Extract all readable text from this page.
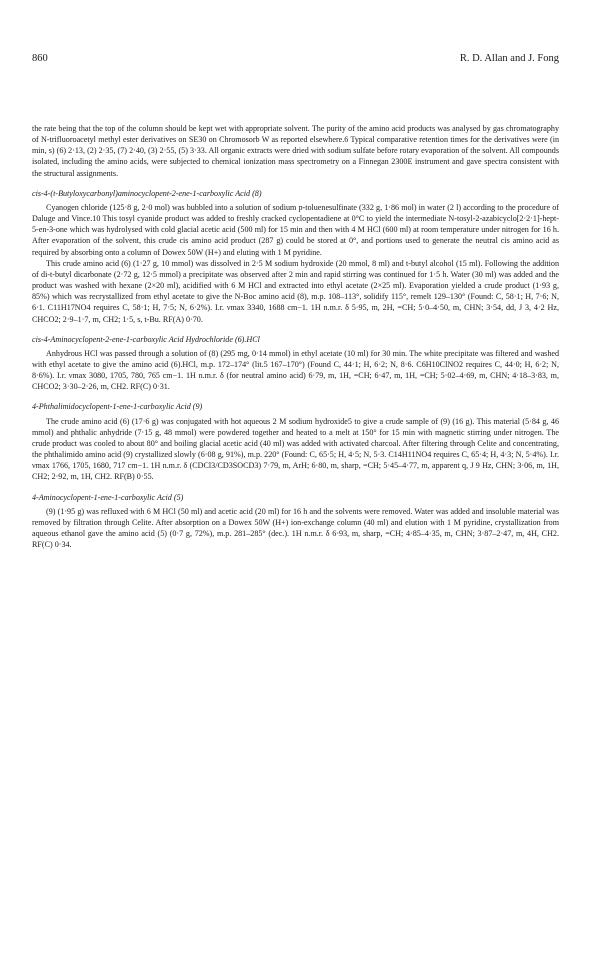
860	R. D. Allan and J. Fong

the rate being that the top of the column should be kept wet with appropriate solvent. The purity of the amino acid products was analysed by gas chromatography of N-trifluoroacetyl methyl ester derivatives on SE30 on Chromosorb W as reported elsewhere.6 Typical comparative retention times for the derivatives were (in min, s) (6) 2·13, (2) 2·35, (7) 2·40, (3) 2·55, (5) 3·33. All organic extracts were dried with sodium sulfate before rotary evaporation of the solvent. All compounds isolated, including the amino acids, were subjected to chemical ionization mass spectrometry on a Finnegan 2300E instrument and gave spectra consistent with the structural assignments.

cis-4-(t-Butyloxycarbonyl)aminocyclopent-2-ene-1-carboxylic Acid (8)

Cyanogen chloride (125·8 g, 2·0 mol) was bubbled into a solution of sodium p-toluenesulfinate (332 g, 1·86 mol) in water (2 l) according to the procedure of Daluge and Vince.10 This tosyl cyanide product was added to freshly cracked cyclopentadiene at 0°C to yield the intermediate N-tosyl-2-azabicyclo[2·2·1]-hept-5-en-3-one which was hydrolysed with cold glacial acetic acid (500 ml) for 15 min and then with 4 M HCl (600 ml) at room temperature under nitrogen for 16 h. After evaporation of the solvent, this crude cis amino acid product (287 g) could be stored at 0°, and portions used to generate the neutral cis amino acid as required by absorbing onto a column of Dowex 50W (H+) and eluting with 1 M pyridine.

This crude amino acid (6) (1·27 g, 10 mmol) was dissolved in 2·5 M sodium hydroxide (20 mmol, 8 ml) and t-butyl alcohol (15 ml). Following the addition of di-t-butyl dicarbonate (2·72 g, 12·5 mmol) a precipitate was observed after 2 min and rapid stirring was continued for 1·5 h. Water (30 ml) was added and the product was washed with hexane (2×20 ml), acidified with 6 M HCl and extracted into ethyl acetate (2×25 ml). Evaporation yielded a crude product (1·93 g, 85%) which was recrystallized from ethyl acetate to give the N-Boc amino acid (8), m.p. 108–113°, solidify 115°, remelt 129–130° (Found: C, 58·1; H, 7·6; N, 6·1. C11H17NO4 requires C, 58·1; H, 7·5; N, 6·2%). I.r. νmax 3340, 1688 cm−1. 1H n.m.r. δ 5·95, m, 2H, =CH; 5·0–4·50, m, CHN; 3·54, dd, J 3, 4·2 Hz, CHCO2; 2·9–1·7, m, CH2; 1·5, s, t-Bu. RF(A) 0·70.

cis-4-Aminocyclopent-2-ene-1-carboxylic Acid Hydrochloride (6).HCl

Anhydrous HCl was passed through a solution of (8) (295 mg, 0·14 mmol) in ethyl acetate (10 ml) for 30 min. The white precipitate was filtered and washed with ethyl acetate to give the amino acid (6).HCl, m.p. 172–174° (lit.5 167–170°) (Found C, 44·1; H, 6·2; N, 8·6. C6H10ClNO2 requires C, 44·0; H, 6·2; N, 8·6%). I.r. νmax 3080, 1705, 780, 765 cm−1. 1H n.m.r. δ (for neutral amino acid) 6·79, m, 1H, =CH; 6·47, m, 1H, =CH; 5·02–4·69, m, CHN; 4·18–3·83, m, CHCO2; 3·30–2·26, m, CH2. RF(C) 0·31.

4-Phthalimidocyclopent-1-ene-1-carboxylic Acid (9)

The crude amino acid (6) (17·6 g) was conjugated with hot aqueous 2 M sodium hydroxide5 to give a crude sample of (9) (16 g). This material (5·84 g, 46 mmol) and phthalic anhydride (7·15 g, 48 mmol) were powdered together and heated to a melt at 150° for 15 min with magnetic stirring under nitrogen. The crude product was cooled to about 80° and boiling glacial acetic acid (40 ml) was added with activated charcoal. After filtering through Celite and concentrating, the phthalimido amino acid (9) crystallized slowly (6·08 g, 91%), m.p. 220° (Found: C, 65·5; H, 4·5; N, 5·3. C14H11NO4 requires C, 65·4; H, 4·3; N, 5·4%). I.r. νmax 1766, 1705, 1680, 717 cm−1. 1H n.m.r. δ (CDCl3/CD3SOCD3) 7·79, m, ArH; 6·80, m, sharp, =CH; 5·45–4·77, m, apparent q, J 9 Hz, CHN; 3·06, m, 1H, CH2; 2·92, m, 1H, CH2. RF(B) 0·55.

4-Aminocyclopent-1-ene-1-carboxylic Acid (5)

(9) (1·95 g) was refluxed with 6 M HCl (50 ml) and acetic acid (20 ml) for 16 h and the solvents were removed. Water was added and insoluble material was removed by filtration through Celite. After absorption on a Dowex 50W (H+) ion-exchange column (40 ml) and elution with 1 M pyridine, crystallization from aqueous ethanol gave the amino acid (5) (0·7 g, 72%), m.p. 281–285° (dec.). 1H n.m.r. δ 6·93, m, sharp, =CH; 4·85–4·35, m, CHN; 3·87–2·47, m, 4H, CH2. RF(C) 0·34.
